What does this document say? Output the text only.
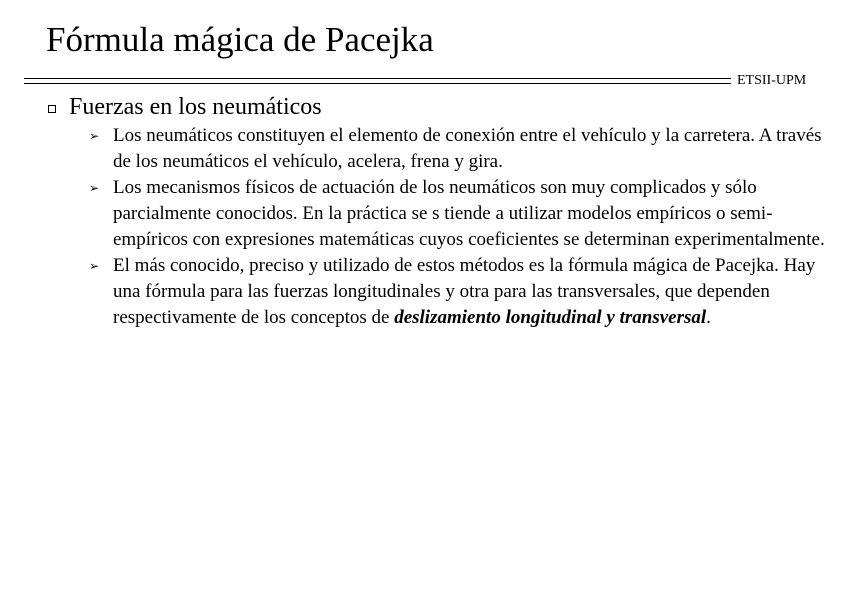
Fórmula mágica de Pacejka
ETSII-UPM
Fuerzas en los neumáticos
➢ Los neumáticos constituyen el elemento de conexión entre el vehículo y la carretera. A través de los neumáticos el vehículo, acelera, frena y gira.
➢ Los mecanismos físicos de actuación de los neumáticos son muy complicados y sólo parcialmente conocidos. En la práctica se s tiende a utilizar modelos empíricos o semi-empíricos con expresiones matemáticas cuyos coeficientes se determinan experimentalmente.
➢ El más conocido, preciso y utilizado de estos métodos es la fórmula mágica de Pacejka. Hay una fórmula para las fuerzas longitudinales y otra para las transversales, que dependen respectivamente de los conceptos de deslizamiento longitudinal y transversal.
